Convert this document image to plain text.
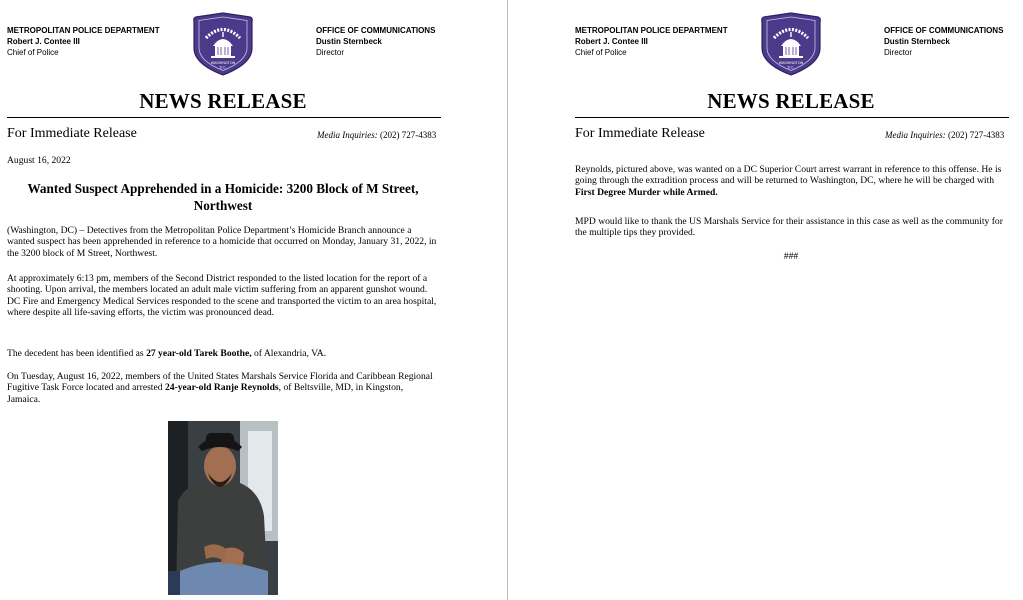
METROPOLITAN POLICE DEPARTMENT
Robert J. Contee III
Chief of Police
WASHINGTON
D.C.
OFFICE OF COMMUNICATIONS
Dustin Sternbeck
Director
NEWS RELEASE
For Immediate Release	Media Inquiries: (202) 727-4383
August 16, 2022
Wanted Suspect Apprehended in a Homicide: 3200 Block of M Street, Northwest
(Washington, DC) – Detectives from the Metropolitan Police Department’s Homicide Branch announce a wanted suspect has been apprehended in reference to a homicide that occurred on Monday, January 31, 2022, in the 3200 block of M Street, Northwest.
At approximately 6:13 pm, members of the Second District responded to the listed location for the report of a shooting. Upon arrival, the members located an adult male victim suffering from an apparent gunshot wound. DC Fire and Emergency Medical Services responded to the scene and transported the victim to an area hospital, where despite all life-saving efforts, the victim was pronounced dead.
The decedent has been identified as 27 year-old Tarek Boothe, of Alexandria, VA.
On Tuesday, August 16, 2022, members of the United States Marshals Service Florida and Caribbean Regional Fugitive Task Force located and arrested 24-year-old Ranje Reynolds, of Beltsville, MD, in Kingston, Jamaica.
METROPOLITAN POLICE DEPARTMENT
Robert J. Contee III
Chief of Police
WASHINGTON
D.C.
OFFICE OF COMMUNICATIONS
Dustin Sternbeck
Director
NEWS RELEASE
For Immediate Release	Media Inquiries: (202) 727-4383
Reynolds, pictured above, was wanted on a DC Superior Court arrest warrant in reference to this offense. He is going through the extradition process and will be returned to Washington, DC, where he will be charged with First Degree Murder while Armed.
MPD would like to thank the US Marshals Service for their assistance in this case as well as the community for the multiple tips they provided.
###
